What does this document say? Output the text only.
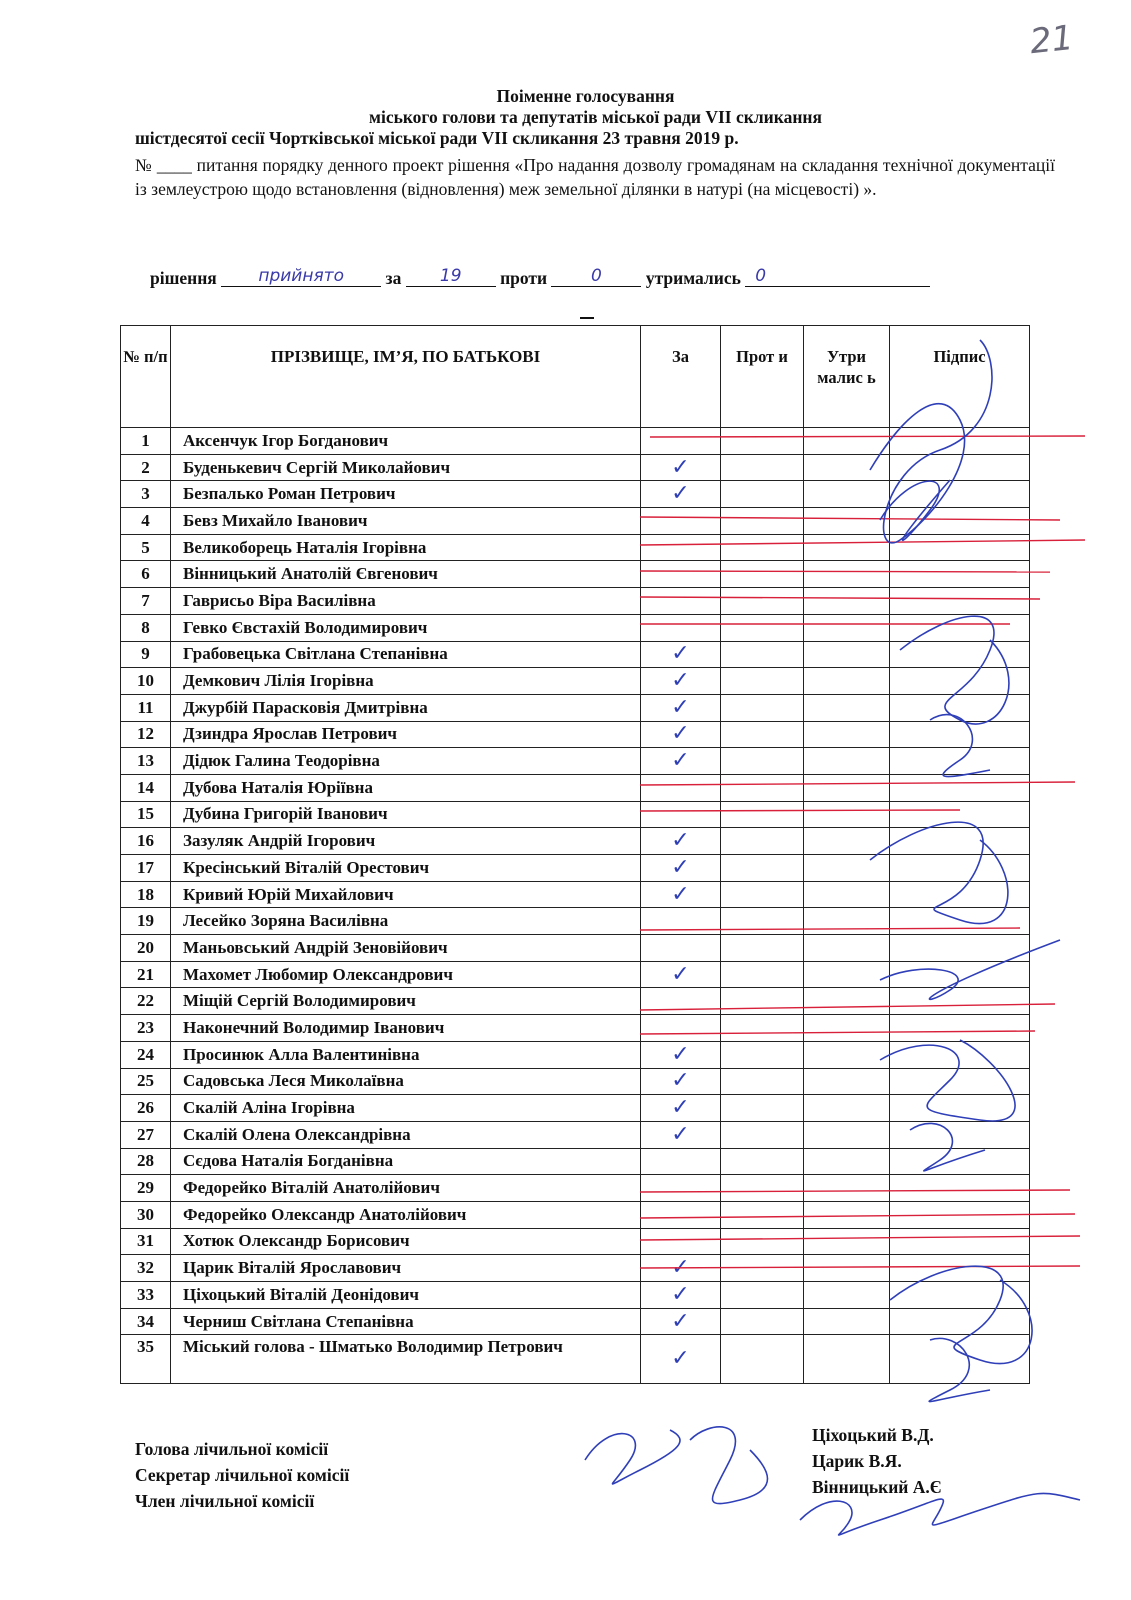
21
Поіменне голосування
міського голови та депутатів міської ради VII скликання
шістдесятої сесії Чортківської міської ради VII скликання 23 травня 2019 р.
№ ____ питання порядку денного проект рішення «Про надання дозволу громадянам на складання технічної документації із землеустрою щодо встановлення (відновлення) меж земельної ділянки в натурі (на місцевості) ».
рішення прийнято за 19 проти	0	утримались 0
№ п/п	ПРІЗВИЩЕ, ІМ’Я, ПО БАТЬКОВІ	За	Прот и	Утри малис ь	Підпис
1	Аксенчук Ігор Богданович	

2	Буденькевич Сергій Миколайович	✓			

3	Безпалько Роман Петрович	✓			

4	Бевз Михайло Іванович	

5	Великоборець Наталія Ігорівна	

6	Вінницький Анатолій Євгенович	

7	Гаврисьо Віра Василівна	

8	Гевко Євстахій Володимирович	

9	Грабовецька Світлана Степанівна	✓			

10	Демкович Лілія Ігорівна	✓			

11	Джурбій Парасковія Дмитрівна	✓			

12	Дзиндра Ярослав Петрович	✓			

13	Дідюк Галина Теодорівна	✓			

14	Дубова Наталія Юріївна	

15	Дубина Григорій Іванович	

16	Зазуляк Андрій Ігорович	✓			

17	Кресінський Віталій Орестович	✓			

18	Кривий Юрій Михайлович	✓			

19	Лесейко Зоряна Василівна	

20	Маньовський Андрій Зеновійович	

21	Махомет Любомир Олександрович	✓			

22	Міщій Сергій Володимирович	

23	Наконечний Володимир Іванович	

24	Просинюк Алла Валентинівна	✓			

25	Садовська Леся Миколаївна	✓			

26	Скалій Аліна Ігорівна	✓			

27	Скалій Олена Олександрівна	✓			

28	Сєдова Наталія Богданівна	

29	Федорейко Віталій Анатолійович	

30	Федорейко Олександр Анатолійович	

31	Хотюк Олександр Борисович	

32	Царик Віталій Ярославович	✓			

33	Ціхоцький Віталій Деонідович	✓			

34	Черниш Світлана Степанівна	✓			

35	Міський голова - Шматько Володимир Петрович	✓			

Голова лічильної комісії
Секретар лічильної комісії
Член лічильної комісії
Ціхоцький В.Д.
Царик В.Я.
Вінницький А.Є
